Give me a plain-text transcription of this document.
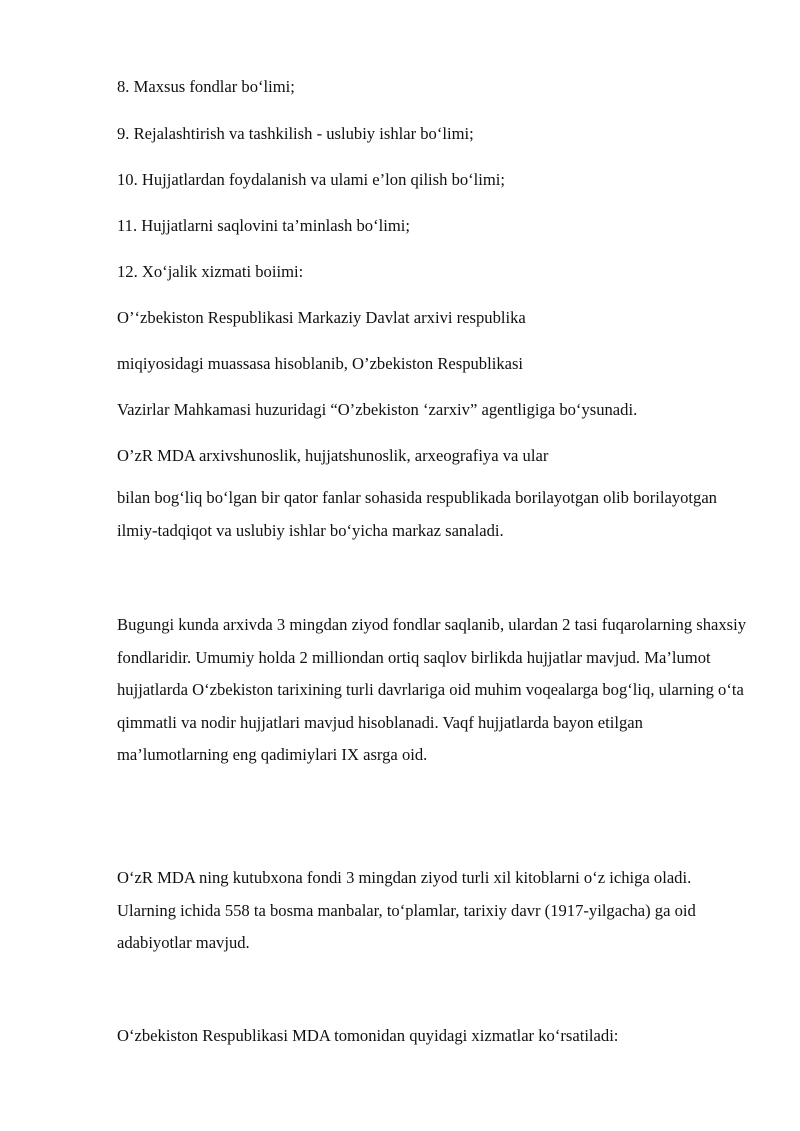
8. Maxsus fondlar bo‘limi;

9. Rejalashtirish va tashkilish - uslubiy ishlar bo‘limi;

10. Hujjatlardan foydalanish va ulami e’lon qilish bo‘limi;

11. Hujjatlarni saqlovini ta’minlash bo‘limi;

12. Xo‘jalik xizmati boiimi:

O’‘zbekiston Respublikasi Markaziy Davlat arxivi respublika

miqiyosidagi muassasa hisoblanib, O’zbekiston Respublikasi

Vazirlar Mahkamasi huzuridagi “O’zbekiston ‘zarxiv” agentligiga bo‘ysunadi.

O’zR MDA arxivshunoslik, hujjatshunoslik, arxeografiya va ular

bilan bog‘liq bo‘lgan bir qator fanlar sohasida respublikada borilayotgan olib borilayotgan ilmiy-tadqiqot va uslubiy ishlar bo‘yicha markaz sanaladi.

Bugungi kunda arxivda 3 mingdan ziyod fondlar saqlanib, ulardan 2 tasi fuqarolarning shaxsiy fondlaridir. Umumiy holda 2 milliondan ortiq saqlov birlikda hujjatlar mavjud. Ma’lumot hujjatlarda O‘zbekiston tarixining turli davrlariga oid muhim voqealarga bog‘liq, ularning o‘ta qimmatli va nodir hujjatlari mavjud hisoblanadi. Vaqf hujjatlarda bayon etilgan ma’lumotlarning eng qadimiylari IX asrga oid.

O‘zR MDA ning kutubxona fondi 3 mingdan ziyod turli xil kitoblarni o‘z ichiga oladi. Ularning ichida 558 ta bosma manbalar, to‘plamlar, tarixiy davr (1917-yilgacha) ga oid adabiyotlar mavjud.

O‘zbekiston Respublikasi MDA tomonidan quyidagi xizmatlar ko‘rsatiladi:
